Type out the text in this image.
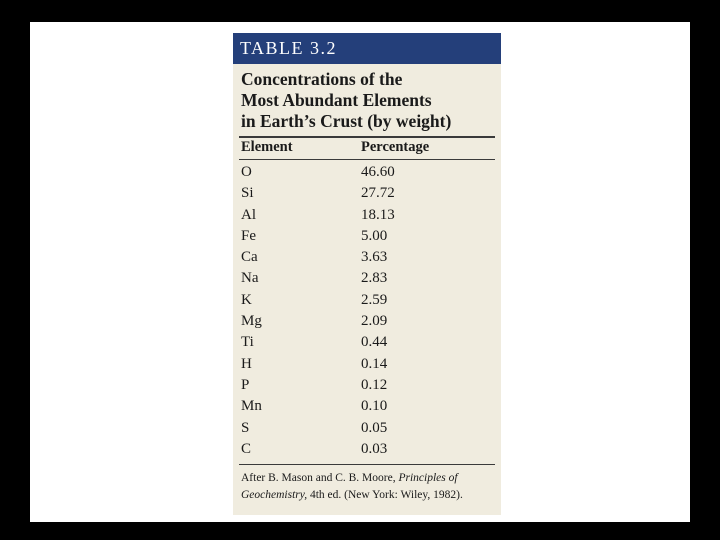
TABLE 3.2
Concentrations of the
Most Abundant Elements
in Earth’s Crust (by weight)
Element	Percentage
O	46.60
Si	27.72
Al	18.13
Fe	5.00
Ca	3.63
Na	2.83
K	2.59
Mg	2.09
Ti	0.44
H	0.14
P	0.12
Mn	0.10
S	0.05
C	0.03
After B. Mason and C. B. Moore, Principles of Geochemistry, 4th ed. (New York: Wiley, 1982).
